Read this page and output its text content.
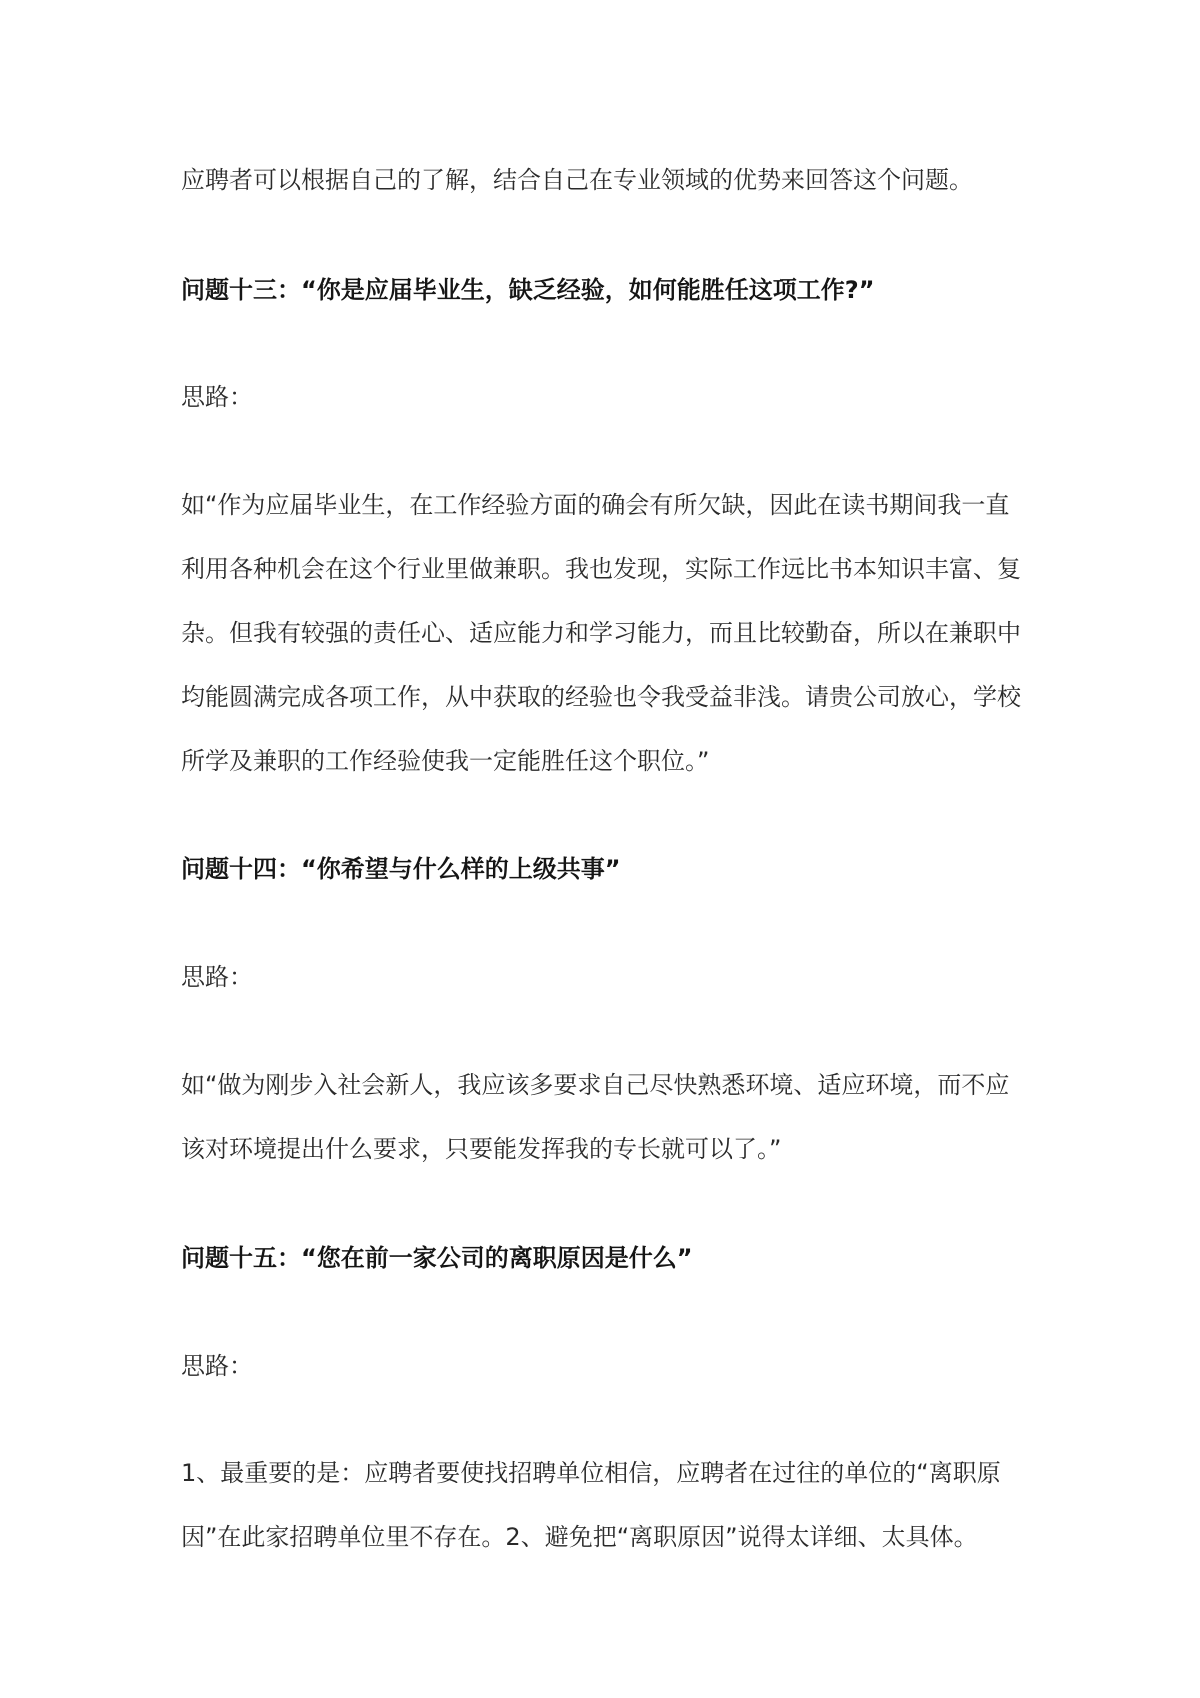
应聘者可以根据自己的了解，结合自己在专业领域的优势来回答这个问题。

问题十三：“你是应届毕业生，缺乏经验，如何能胜任这项工作?”

思路：

如“作为应届毕业生，在工作经验方面的确会有所欠缺，因此在读书期间我一直
利用各种机会在这个行业里做兼职。我也发现，实际工作远比书本知识丰富、复
杂。但我有较强的责任心、适应能力和学习能力，而且比较勤奋，所以在兼职中
均能圆满完成各项工作，从中获取的经验也令我受益非浅。请贵公司放心，学校
所学及兼职的工作经验使我一定能胜任这个职位。”

问题十四：“你希望与什么样的上级共事”

思路：

如“做为刚步入社会新人，我应该多要求自己尽快熟悉环境、适应环境，而不应
该对环境提出什么要求，只要能发挥我的专长就可以了。”

问题十五：“您在前一家公司的离职原因是什么”

思路：

1、最重要的是：应聘者要使找招聘单位相信，应聘者在过往的单位的“离职原
因”在此家招聘单位里不存在。2、避免把“离职原因”说得太详细、太具体。
